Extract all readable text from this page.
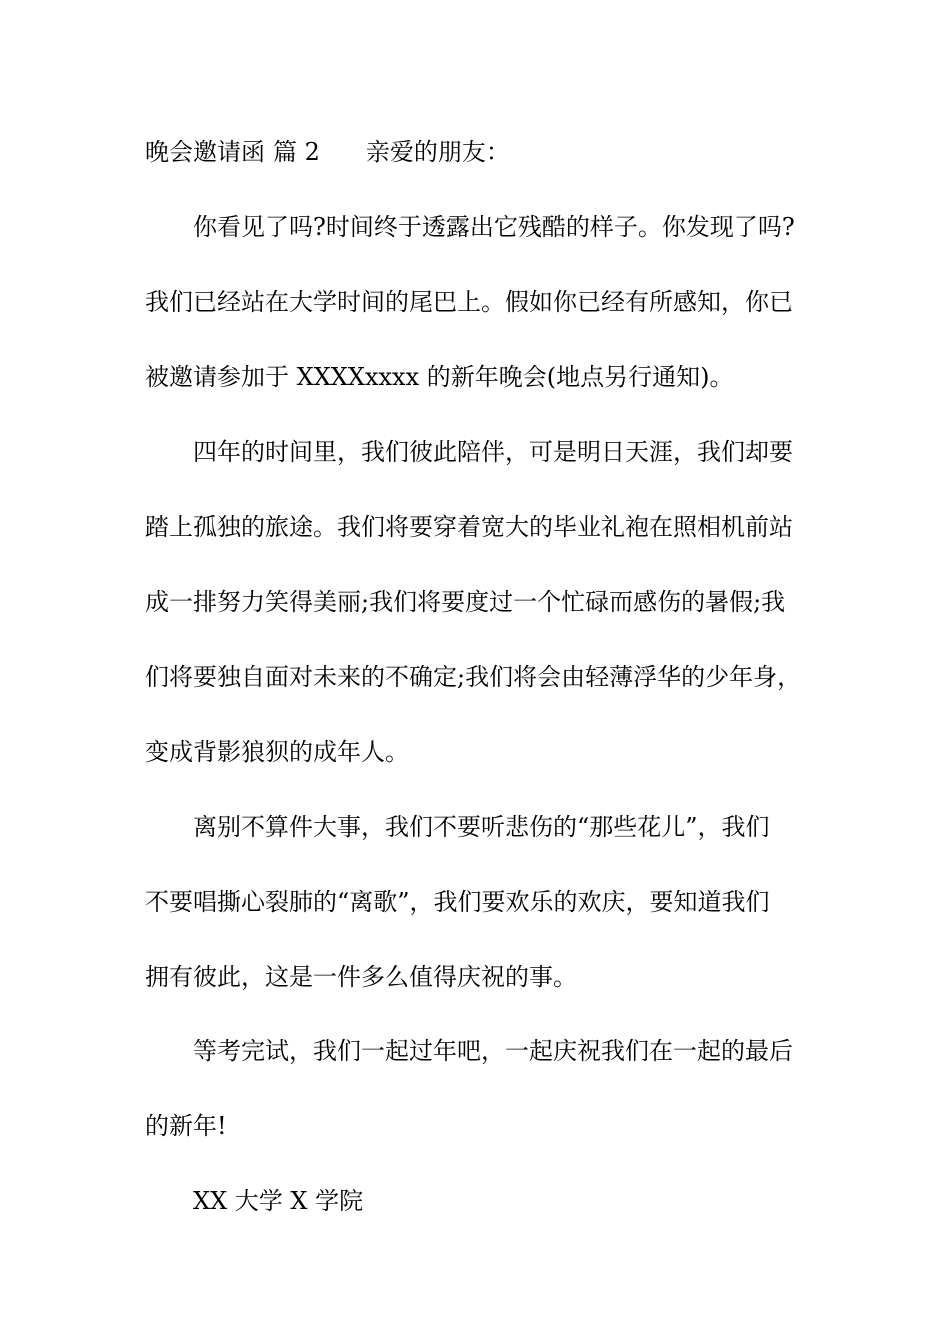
晚会邀请函 篇 2 亲爱的朋友：
你看见了吗?时间终于透露出它残酷的样子。你发现了吗?
我们已经站在大学时间的尾巴上。假如你已经有所感知，你已
被邀请参加于 XXXXxxxx 的新年晚会(地点另行通知)。
四年的时间里，我们彼此陪伴，可是明日天涯，我们却要
踏上孤独的旅途。我们将要穿着宽大的毕业礼袍在照相机前站
成一排努力笑得美丽;我们将要度过一个忙碌而感伤的暑假;我
们将要独自面对未来的不确定;我们将会由轻薄浮华的少年身，
变成背影狼狈的成年人。
离别不算件大事，我们不要听悲伤的“那些花儿”，我们
不要唱撕心裂肺的“离歌”，我们要欢乐的欢庆，要知道我们
拥有彼此，这是一件多么值得庆祝的事。
等考完试，我们一起过年吧，一起庆祝我们在一起的最后
的新年!
XX 大学 X 学院
